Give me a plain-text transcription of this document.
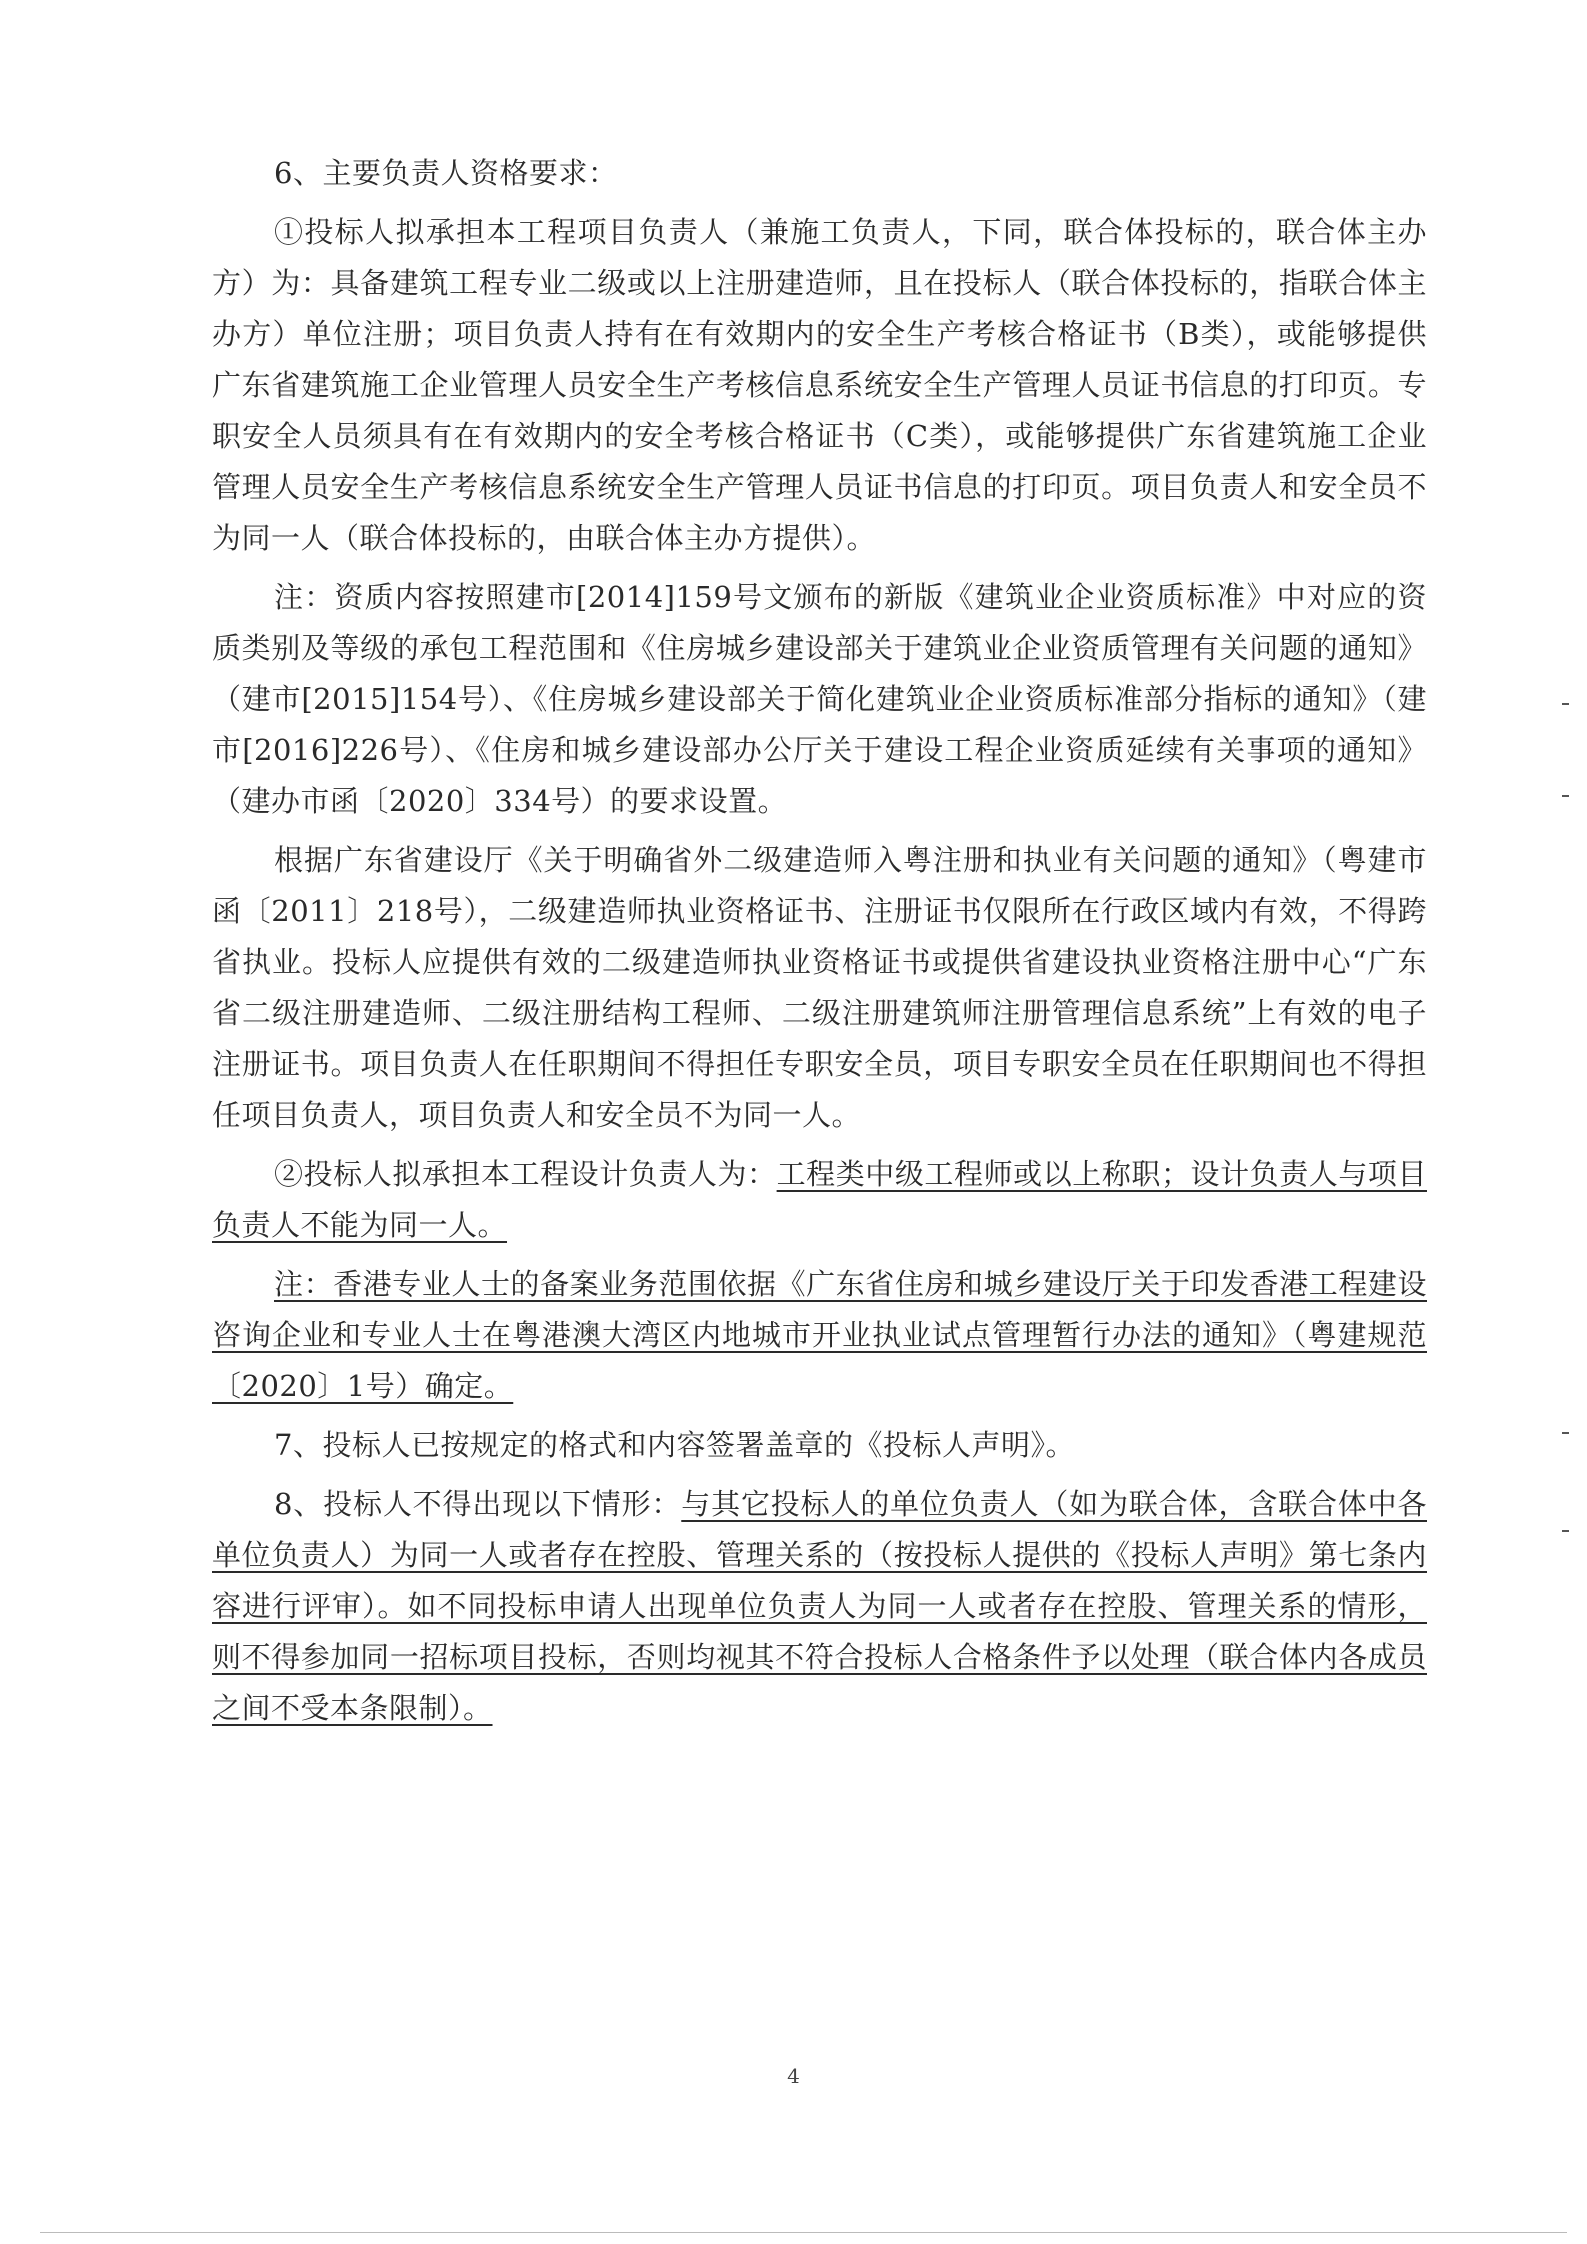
6、主要负责人资格要求：

①投标人拟承担本工程项目负责人（兼施工负责人，下同，联合体投标的，联合体主办方）为：具备建筑工程专业二级或以上注册建造师，且在投标人（联合体投标的，指联合体主办方）单位注册；项目负责人持有在有效期内的安全生产考核合格证书（B类），或能够提供广东省建筑施工企业管理人员安全生产考核信息系统安全生产管理人员证书信息的打印页。专职安全人员须具有在有效期内的安全考核合格证书（C类），或能够提供广东省建筑施工企业管理人员安全生产考核信息系统安全生产管理人员证书信息的打印页。项目负责人和安全员不为同一人（联合体投标的，由联合体主办方提供）。

注：资质内容按照建市[2014]159号文颁布的新版《建筑业企业资质标准》中对应的资质类别及等级的承包工程范围和《住房城乡建设部关于建筑业企业资质管理有关问题的通知》（建市[2015]154号）、《住房城乡建设部关于简化建筑业企业资质标准部分指标的通知》（建市[2016]226号）、《住房和城乡建设部办公厅关于建设工程企业资质延续有关事项的通知》（建办市函〔2020〕334号）的要求设置。

根据广东省建设厅《关于明确省外二级建造师入粤注册和执业有关问题的通知》（粤建市函〔2011〕218号），二级建造师执业资格证书、注册证书仅限所在行政区域内有效，不得跨省执业。投标人应提供有效的二级建造师执业资格证书或提供省建设执业资格注册中心“广东省二级注册建造师、二级注册结构工程师、二级注册建筑师注册管理信息系统”上有效的电子注册证书。项目负责人在任职期间不得担任专职安全员，项目专职安全员在任职期间也不得担任项目负责人，项目负责人和安全员不为同一人。

②投标人拟承担本工程设计负责人为：工程类中级工程师或以上称职；设计负责人与项目负责人不能为同一人。

注：香港专业人士的备案业务范围依据《广东省住房和城乡建设厅关于印发香港工程建设咨询企业和专业人士在粤港澳大湾区内地城市开业执业试点管理暂行办法的通知》（粤建规范〔2020〕1号）确定。

7、投标人已按规定的格式和内容签署盖章的《投标人声明》。

8、投标人不得出现以下情形：与其它投标人的单位负责人（如为联合体，含联合体中各单位负责人）为同一人或者存在控股、管理关系的（按投标人提供的《投标人声明》第七条内容进行评审）。如不同投标申请人出现单位负责人为同一人或者存在控股、管理关系的情形，则不得参加同一招标项目投标，否则均视其不符合投标人合格条件予以处理（联合体内各成员之间不受本条限制）。

4
